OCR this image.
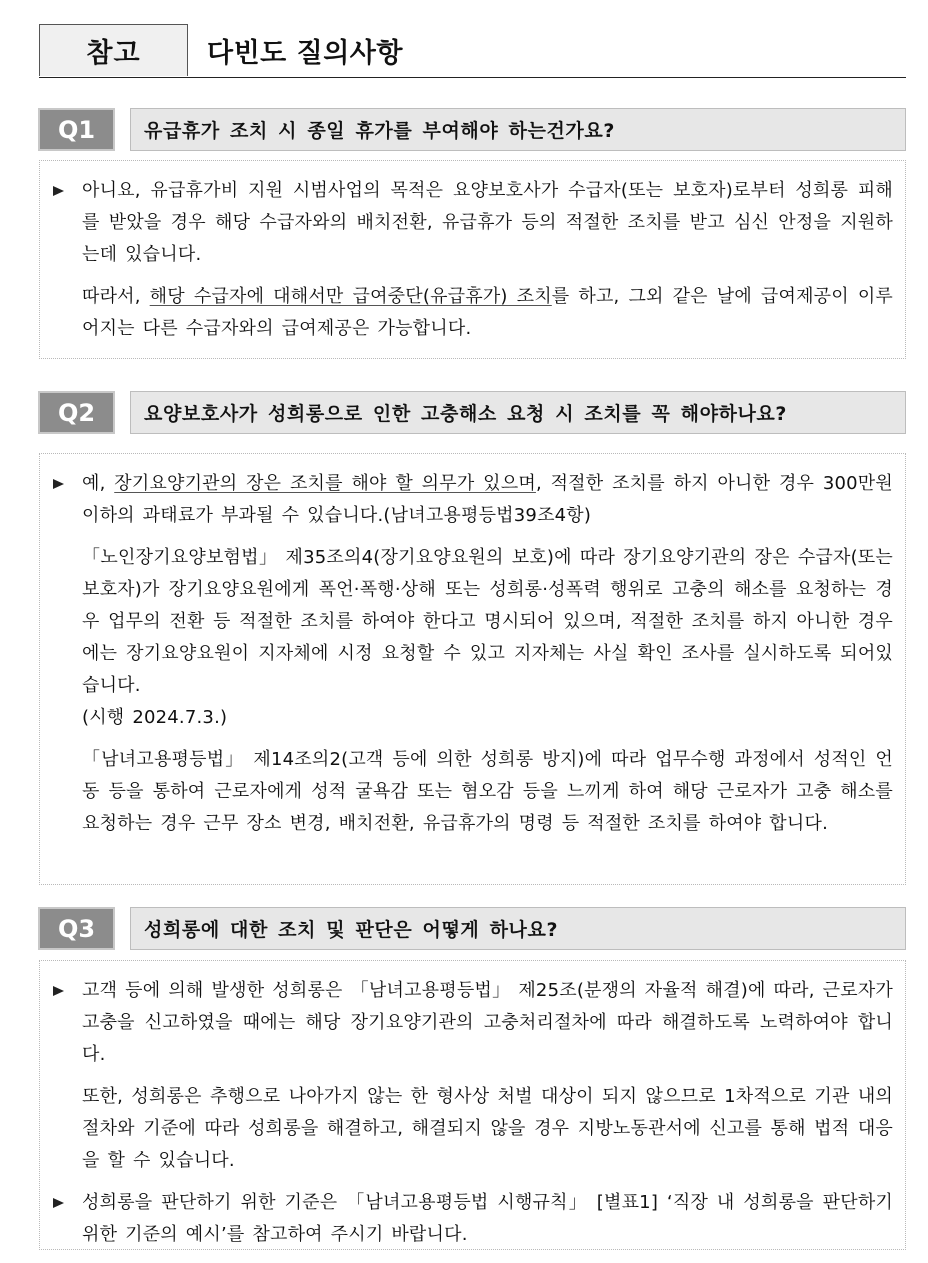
참고	다빈도 질의사항
Q1	유급휴가 조치 시 종일 휴가를 부여해야 하는건가요?

아니요, 유급휴가비 지원 시범사업의 목적은 요양보호사가 수급자(또는 보호자)로부터 성희롱 피해를 받았을 경우 해당 수급자와의 배치전환, 유급휴가 등의 적절한 조치를 받고 심신 안정을 지원하는데 있습니다.

따라서, 해당 수급자에 대해서만 급여중단(유급휴가) 조치를 하고, 그외 같은 날에 급여제공이 이루어지는 다른 수급자와의 급여제공은 가능합니다.

Q2	요양보호사가 성희롱으로 인한 고충해소 요청 시 조치를 꼭 해야하나요?

예, 장기요양기관의 장은 조치를 해야 할 의무가 있으며, 적절한 조치를 하지 아니한 경우 300만원 이하의 과태료가 부과될 수 있습니다.(남녀고용평등법39조4항)

「노인장기요양보험법」 제35조의4(장기요양요원의 보호)에 따라 장기요양기관의 장은 수급자(또는 보호자)가 장기요양요원에게 폭언·폭행·상해 또는 성희롱·성폭력 행위로 고충의 해소를 요청하는 경우 업무의 전환 등 적절한 조치를 하여야 한다고 명시되어 있으며, 적절한 조치를 하지 아니한 경우에는 장기요양요원이 지자체에 시정 요청할 수 있고 지자체는 사실 확인 조사를 실시하도록 되어있습니다.

(시행 2024.7.3.)

「남녀고용평등법」 제14조의2(고객 등에 의한 성희롱 방지)에 따라 업무수행 과정에서 성적인 언동 등을 통하여 근로자에게 성적 굴욕감 또는 혐오감 등을 느끼게 하여 해당 근로자가 고충 해소를 요청하는 경우 근무 장소 변경, 배치전환, 유급휴가의 명령 등 적절한 조치를 하여야 합니다.

Q3	성희롱에 대한 조치 및 판단은 어떻게 하나요?

고객 등에 의해 발생한 성희롱은 「남녀고용평등법」 제25조(분쟁의 자율적 해결)에 따라, 근로자가 고충을 신고하였을 때에는 해당 장기요양기관의 고충처리절차에 따라 해결하도록 노력하여야 합니다.

또한, 성희롱은 추행으로 나아가지 않는 한 형사상 처벌 대상이 되지 않으므로 1차적으로 기관 내의 절차와 기준에 따라 성희롱을 해결하고, 해결되지 않을 경우 지방노동관서에 신고를 통해 법적 대응을 할 수 있습니다.

성희롱을 판단하기 위한 기준은 「남녀고용평등법 시행규칙」 [별표1] ‘직장 내 성희롱을 판단하기 위한 기준의 예시’를 참고하여 주시기 바랍니다.
